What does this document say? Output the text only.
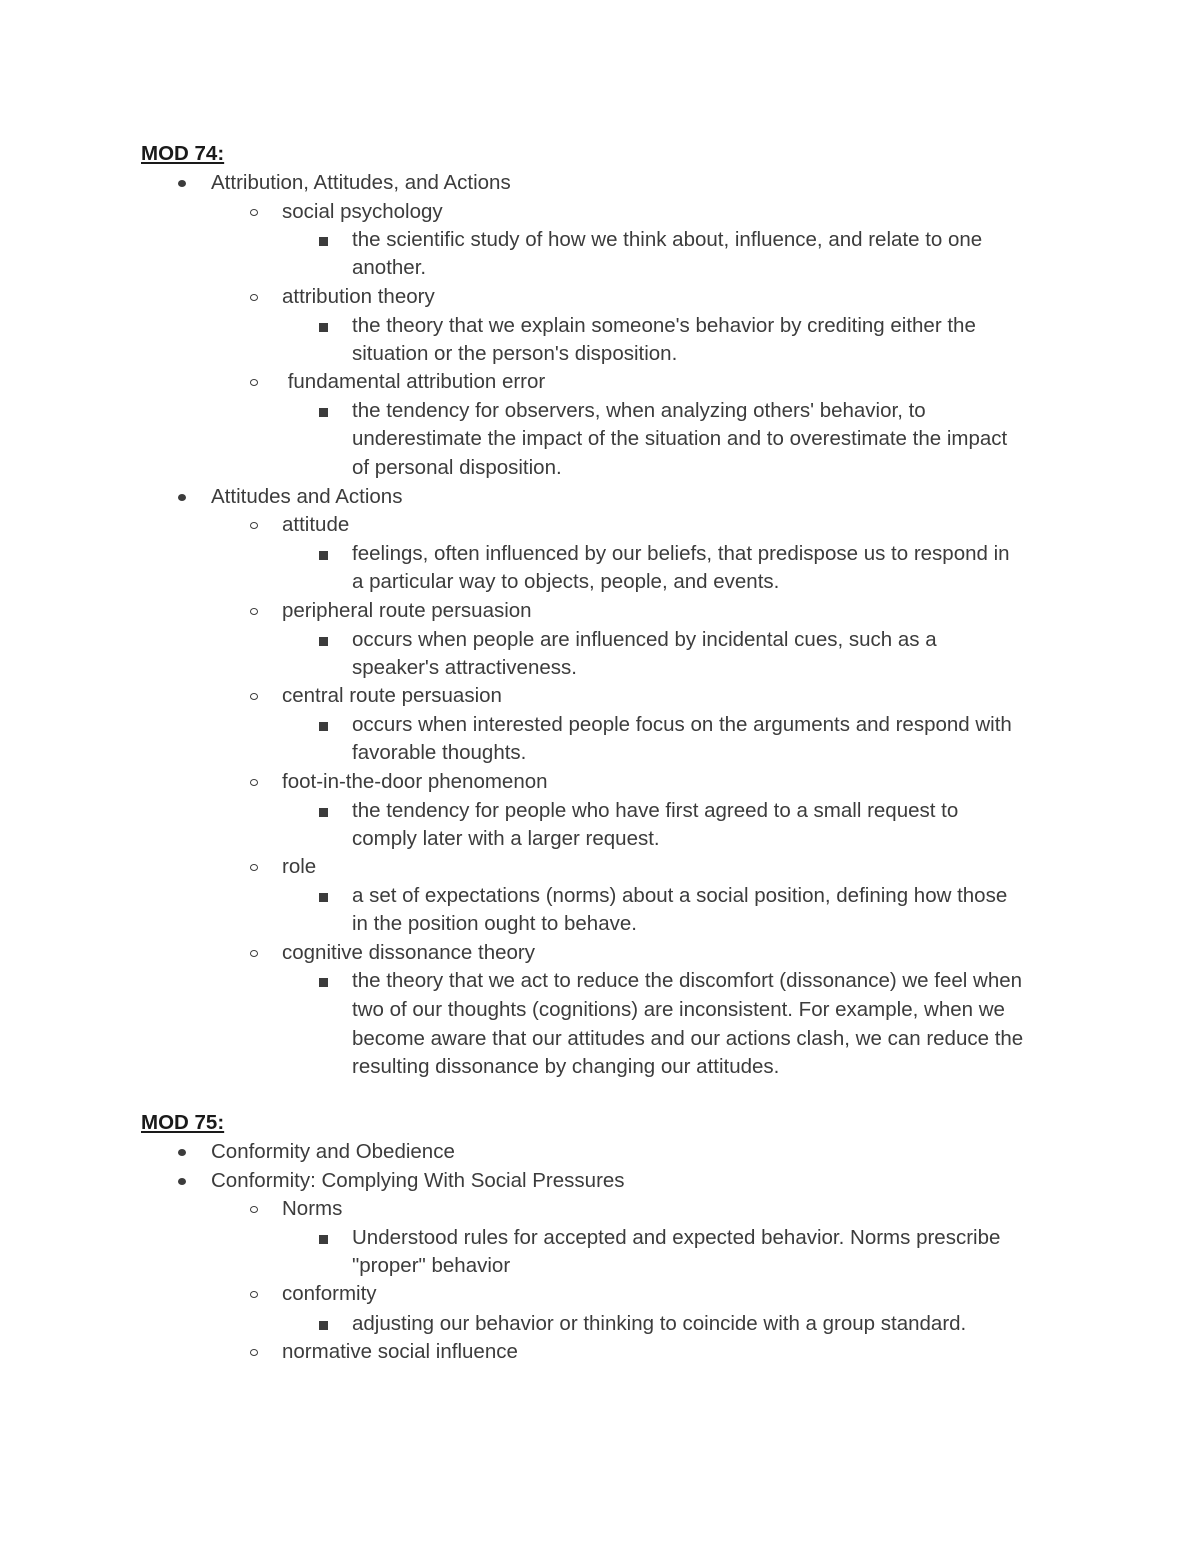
MOD 74:
Attribution, Attitudes, and Actions
social psychology
the scientific study of how we think about, influence, and relate to one
another.
attribution theory
the theory that we explain someone's behavior by crediting either the
situation or the person's disposition.
fundamental attribution error
the tendency for observers, when analyzing others' behavior, to
underestimate the impact of the situation and to overestimate the impact
of personal disposition.
Attitudes and Actions
attitude
feelings, often influenced by our beliefs, that predispose us to respond in
a particular way to objects, people, and events.
peripheral route persuasion
occurs when people are influenced by incidental cues, such as a
speaker's attractiveness.
central route persuasion
occurs when interested people focus on the arguments and respond with
favorable thoughts.
foot-in-the-door phenomenon
the tendency for people who have first agreed to a small request to
comply later with a larger request.
role
a set of expectations (norms) about a social position, defining how those
in the position ought to behave.
cognitive dissonance theory
the theory that we act to reduce the discomfort (dissonance) we feel when
two of our thoughts (cognitions) are inconsistent. For example, when we
become aware that our attitudes and our actions clash, we can reduce the
resulting dissonance by changing our attitudes.
MOD 75:
Conformity and Obedience
Conformity: Complying With Social Pressures
Norms
Understood rules for accepted and expected behavior. Norms prescribe
"proper" behavior
conformity
adjusting our behavior or thinking to coincide with a group standard.
normative social influence
